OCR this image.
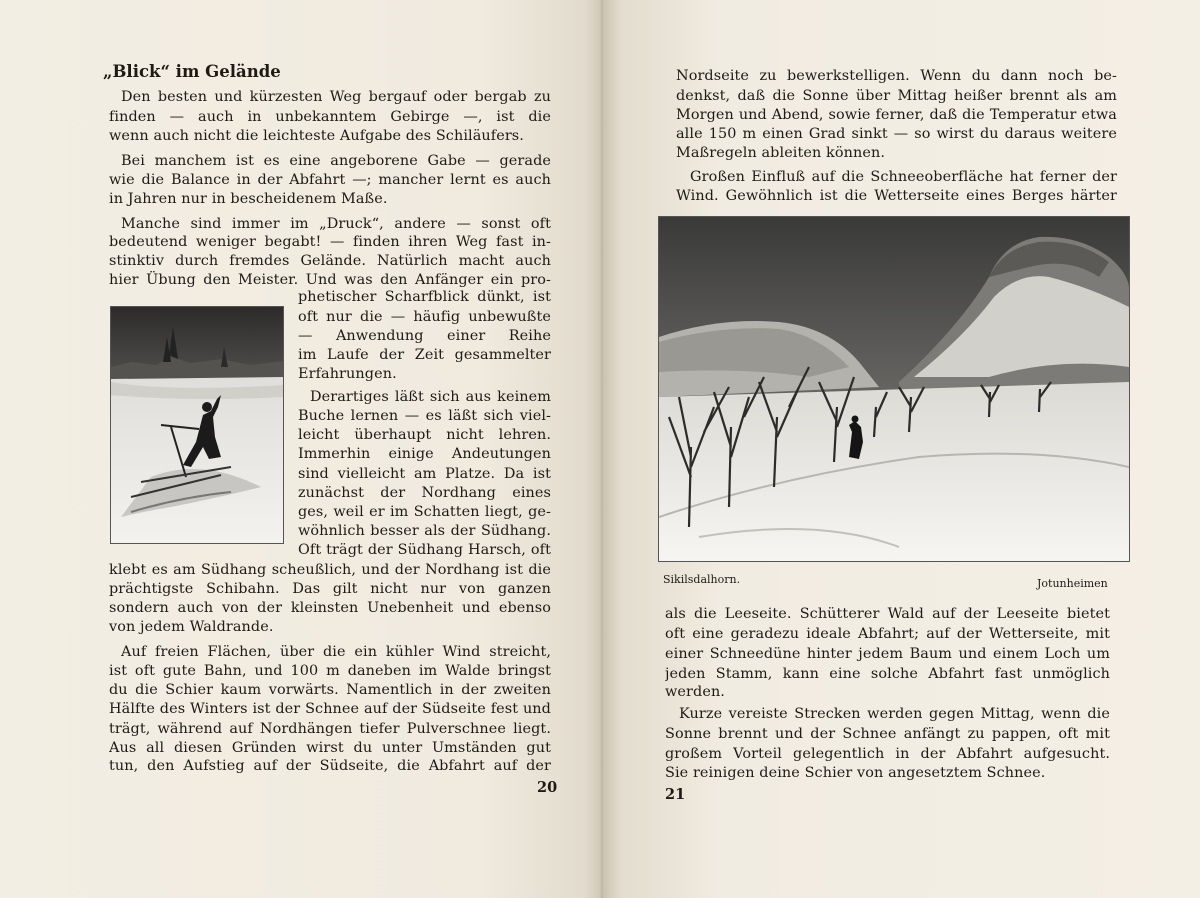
„Blick“ im Gelände
Den besten und kürzesten Weg bergauf oder bergab zu
finden — auch in unbekanntem Gebirge —, ist die
wenn auch nicht die leichteste Aufgabe des Schiläufers.
Bei manchem ist es eine angeborene Gabe — gerade
wie die Balance in der Abfahrt —; mancher lernt es auch
in Jahren nur in bescheidenem Maße.
Manche sind immer im „Druck“, andere — sonst oft
bedeutend weniger begabt! — finden ihren Weg fast in-
stinktiv durch fremdes Gelände. Natürlich macht auch
hier Übung den Meister. Und was den Anfänger ein pro-
phetischer Scharfblick dünkt, ist
oft nur die — häufig unbewußte
— Anwendung einer Reihe
im Laufe der Zeit gesammelter
Erfahrungen.
Derartiges läßt sich aus keinem
Buche lernen — es läßt sich viel-
leicht überhaupt nicht lehren.
Immerhin einige Andeutungen
sind vielleicht am Platze. Da ist
zunächst der Nordhang eines
ges, weil er im Schatten liegt, ge-
wöhnlich besser als der Südhang.
Oft trägt der Südhang Harsch, oft
klebt es am Südhang scheußlich, und der Nordhang ist die
prächtigste Schibahn. Das gilt nicht nur von ganzen
sondern auch von der kleinsten Unebenheit und ebenso
von jedem Waldrande.
Auf freien Flächen, über die ein kühler Wind streicht,
ist oft gute Bahn, und 100 m daneben im Walde bringst
du die Schier kaum vorwärts. Namentlich in der zweiten
Hälfte des Winters ist der Schnee auf der Südseite fest und
trägt, während auf Nordhängen tiefer Pulverschnee liegt.
Aus all diesen Gründen wirst du unter Umständen gut
tun, den Aufstieg auf der Südseite, die Abfahrt auf der
20
Nordseite zu bewerkstelligen. Wenn du dann noch be-
denkst, daß die Sonne über Mittag heißer brennt als am
Morgen und Abend, sowie ferner, daß die Temperatur etwa
alle 150 m einen Grad sinkt — so wirst du daraus weitere
Maßregeln ableiten können.
Großen Einfluß auf die Schneeoberfläche hat ferner der
Wind. Gewöhnlich ist die Wetterseite eines Berges härter
als die Leeseite. Schütterer Wald auf der Leeseite bietet
oft eine geradezu ideale Abfahrt; auf der Wetterseite, mit
einer Schneedüne hinter jedem Baum und einem Loch um
jeden Stamm, kann eine solche Abfahrt fast unmöglich
werden.
Kurze vereiste Strecken werden gegen Mittag, wenn die
Sonne brennt und der Schnee anfängt zu pappen, oft mit
großem Vorteil gelegentlich in der Abfahrt aufgesucht.
Sie reinigen deine Schier von angesetztem Schnee.
Sikilsdalhorn.	Jotunheimen
21
